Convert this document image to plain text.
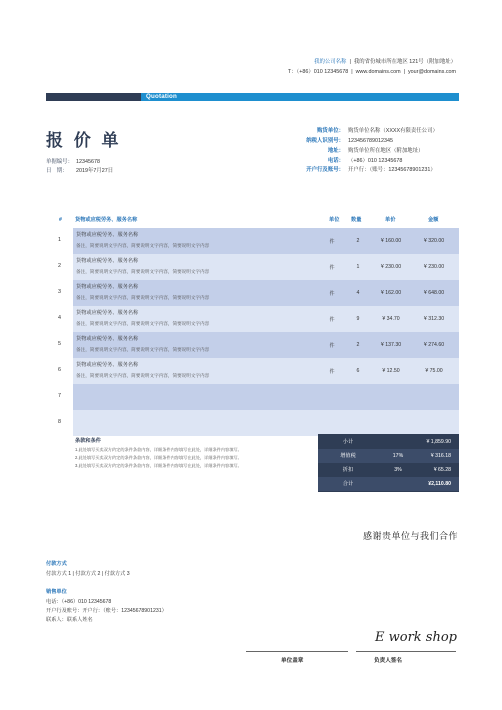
我的公司名称 | 我的省份城市所在地区 121号（附加地址）
T：（+86）010 12345678 | www.domains.com | your@domains.com
Quotation
报 价 单
单据编号： 12345678
日　期： 2019年7月27日
购货单位： 购货单位名称（XXXX有限责任公司）
纳税人识别号： 123456789012345
地址： 购货单位所在地区（附加地址）
电话： （+86）010 12345678
开户行及账号： 开户行：（账号：12345678901231）
#	货物或应税劳务、服务名称	单位 数量	单价	金额
1
货物或应税劳务、服务名称
备注，简要说明文字内容，简要说明文字内容，简要说明文字内容
件	2	¥ 160.00	¥ 320.00
2
货物或应税劳务、服务名称
备注，简要说明文字内容，简要说明文字内容，简要说明文字内容
件	1	¥ 230.00	¥ 230.00
3
货物或应税劳务、服务名称
备注，简要说明文字内容，简要说明文字内容，简要说明文字内容
件	4	¥ 162.00	¥ 648.00
4
货物或应税劳务、服务名称
备注，简要说明文字内容，简要说明文字内容，简要说明文字内容
件	9	¥ 34.70	¥ 312.30
5
货物或应税劳务、服务名称
备注，简要说明文字内容，简要说明文字内容，简要说明文字内容
件	2	¥ 137.30	¥ 274.60
6
货物或应税劳务、服务名称
备注，简要说明文字内容，简要说明文字内容，简要说明文字内容
件	6	¥ 12.50	¥ 75.00
7
8
条款和条件
1.此处填写买卖双方约定的条件条款内容，详细条件内容填写在此处，详细条件内容填写。
2.此处填写买卖双方约定的条件条款内容，详细条件内容填写在此处，详细条件内容填写。
3.此处填写买卖双方约定的条件条款内容，详细条件内容填写在此处，详细条件内容填写。
小计	¥ 1,859.90
增值税	17%	¥ 316.18
折扣	3%	¥ 65.28
合计	¥2,110.80
感谢贵单位与我们合作
付款方式
付款方式 1 | 付款方式 2 | 付款方式 3
销售单位
电话：（+86）010 12345678
开户行及账号：开户行：（账号：12345678901231）
联系人：联系人姓名
E work shop
单位盖章	负责人签名
